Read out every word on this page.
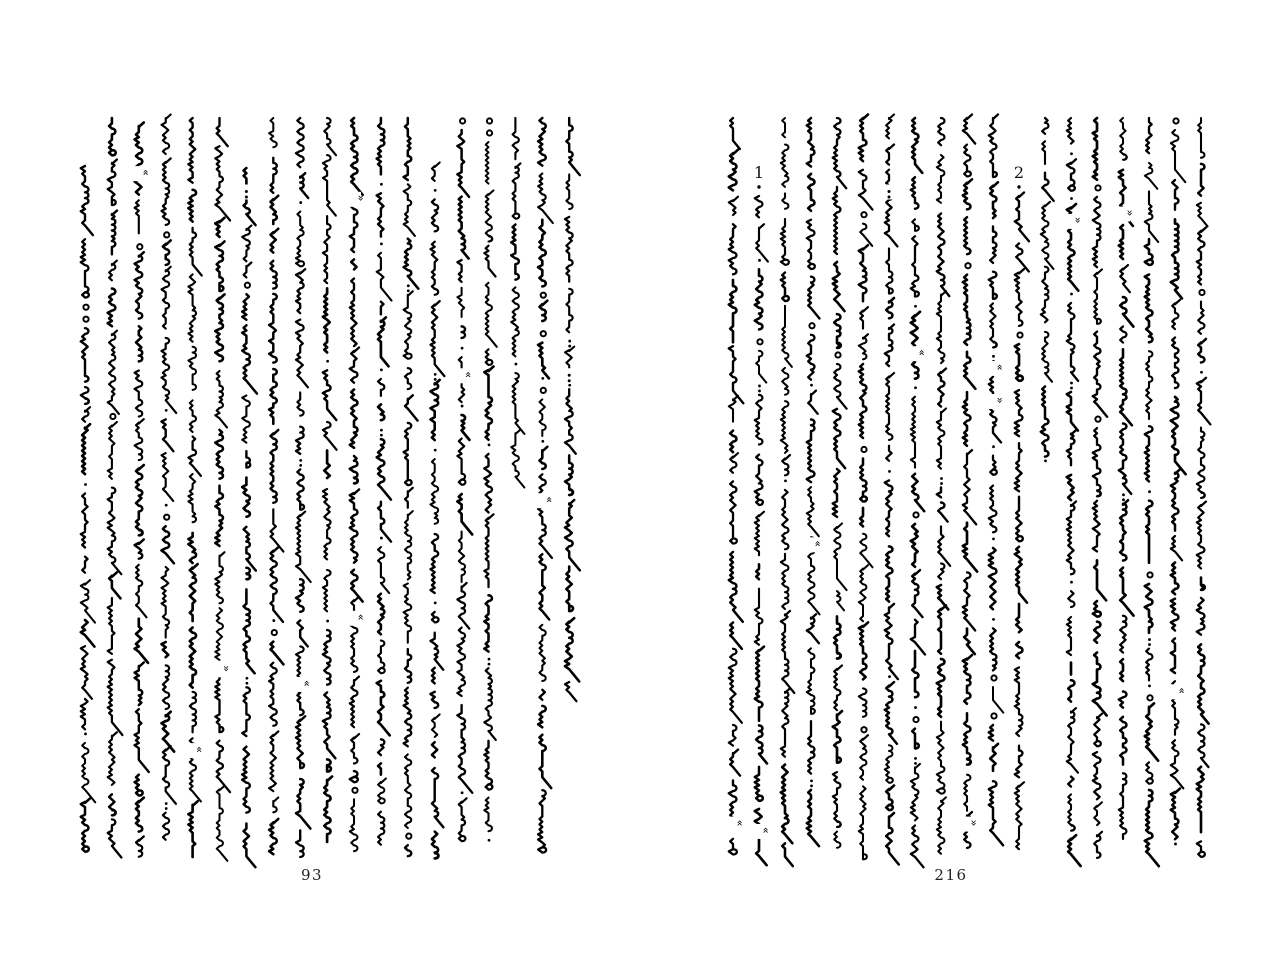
«
«
»
«
»
«
«
«
93
«
1
«
«
«
»
«
»
2
»
»
«
216
